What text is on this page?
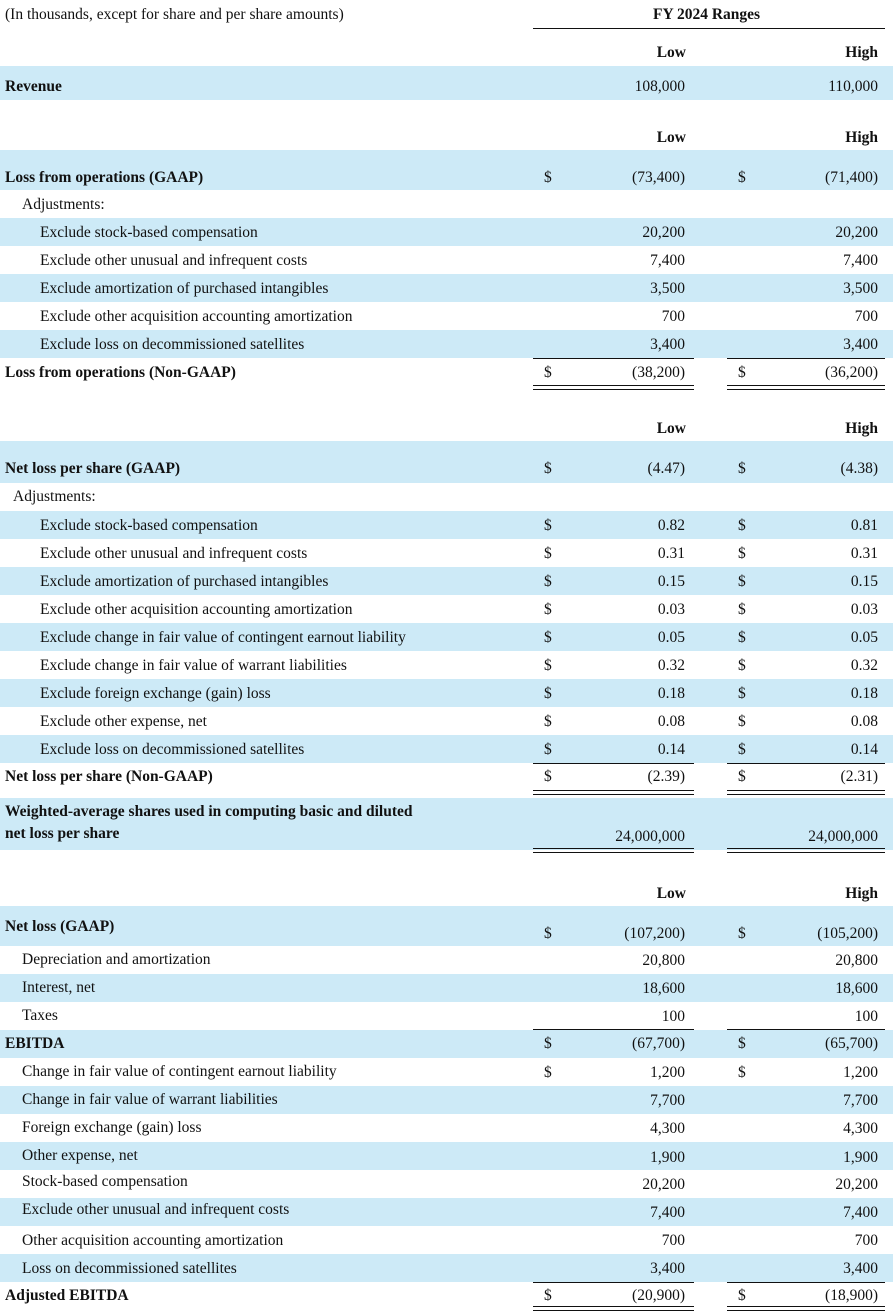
(In thousands, except for share and per share amounts)	FY 2024 Ranges
Low	High
Revenue	108,000	110,000
Low	High
Loss from operations (GAAP)	$	(73,400)	$	(71,400)
Adjustments:
Exclude stock-based compensation	20,200	20,200
Exclude other unusual and infrequent costs	7,400	7,400
Exclude amortization of purchased intangibles	3,500	3,500
Exclude other acquisition accounting amortization	700	700
Exclude loss on decommissioned satellites	3,400	3,400
Loss from operations (Non-GAAP)	$	(38,200)	$	(36,200)
Low	High
Net loss per share (GAAP)	$	(4.47)	$	(4.38)
Adjustments:
Exclude stock-based compensation	$	0.82	$	0.81
Exclude other unusual and infrequent costs	$	0.31	$	0.31
Exclude amortization of purchased intangibles	$	0.15	$	0.15
Exclude other acquisition accounting amortization	$	0.03	$	0.03
Exclude change in fair value of contingent earnout liability	$	0.05	$	0.05
Exclude change in fair value of warrant liabilities	$	0.32	$	0.32
Exclude foreign exchange (gain) loss	$	0.18	$	0.18
Exclude other expense, net	$	0.08	$	0.08
Exclude loss on decommissioned satellites	$	0.14	$	0.14
Net loss per share (Non-GAAP)	$	(2.39)	$	(2.31)
Weighted-average shares used in computing basic and diluted
net loss per share	24,000,000	24,000,000
Low	High
Net loss (GAAP)	$	(107,200)	$	(105,200)
Depreciation and amortization	20,800	20,800
Interest, net	18,600	18,600
Taxes	100	100
EBITDA	$	(67,700)	$	(65,700)
Change in fair value of contingent earnout liability	$	1,200	$	1,200
Change in fair value of warrant liabilities	7,700	7,700
Foreign exchange (gain) loss	4,300	4,300
Other expense, net	1,900	1,900
Stock-based compensation	20,200	20,200
Exclude other unusual and infrequent costs	7,400	7,400
Other acquisition accounting amortization	700	700
Loss on decommissioned satellites	3,400	3,400
Adjusted EBITDA	$	(20,900)	$	(18,900)
